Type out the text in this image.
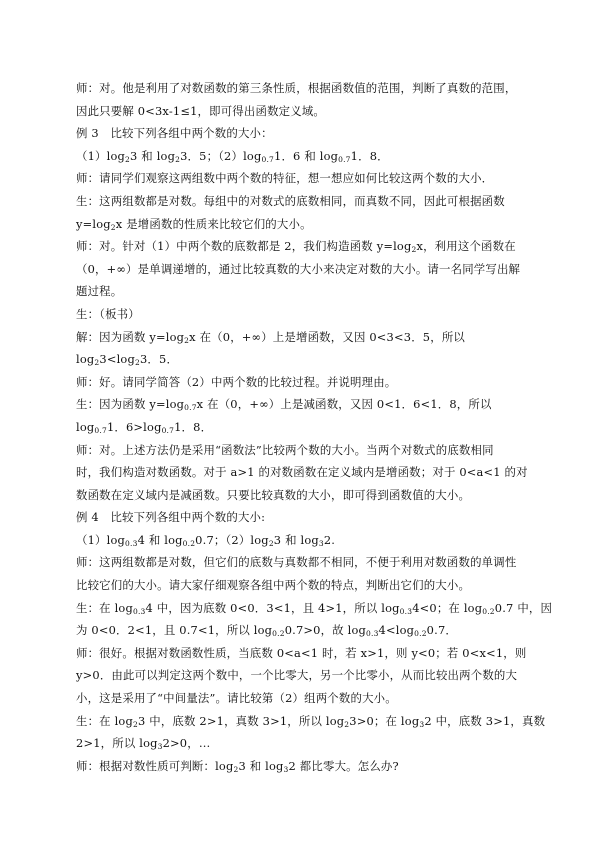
师：对。他是利用了对数函数的第三条性质，根据函数值的范围，判断了真数的范围，
因此只要解 0<3x-1≤1，即可得出函数定义域。
例 3　比较下列各组中两个数的大小：
$(1)\log_23$ 和 $\log_23$．5；$(2)\log_{0.7}1$．6 和 $\log_{0.7}1$．8．
师：请同学们观察这两组数中两个数的特征，想一想应如何比较这两个数的大小．
生：这两组数都是对数。每组中的对数式的底数相同，而真数不同，因此可根据函数
$y=\log_2x$ 是增函数的性质来比较它们的大小。
师：对。针对（1）中两个数的底数都是 2，我们构造函数 $y=\log_2x$，利用这个函数在
（0，+∞）是单调递增的，通过比较真数的大小来决定对数的大小。请一名同学写出解
题过程。
生：（板书）
解：因为函数 $y=\log_2x$ 在（0，+∞）上是增函数，又因 0<3<3．5，所以
$\log_23<\log_23$．5．
师：好。请同学简答（2）中两个数的比较过程。并说明理由。
生：因为函数 $y=\log_{0.7}x$ 在（0，+∞）上是减函数，又因 0<1．6<1．8，所以
$\log_{0.7}1$．$6>\log_{0.7}1$．8．
师：对。上述方法仍是采用“函数法”比较两个数的大小。当两个对数式的底数相同
时，我们构造对数函数。对于 a>1 的对数函数在定义域内是增函数；对于 0<a<1 的对
数函数在定义域内是减函数。只要比较真数的大小，即可得到函数值的大小。
例 4　比较下列各组中两个数的大小:
$(1)\log_{0.3}4$ 和 $\log_{0.2}0.7$；$(2)\log_23$ 和 $\log_32$.
师：这两组数都是对数，但它们的底数与真数都不相同，不便于利用对数函数的单调性
比较它们的大小。请大家仔细观察各组中两个数的特点，判断出它们的大小。
生：在 $\log_{0.3}4$ 中，因为底数 0<0．3<1，且 4>1，所以 $\log_{0.3}4<0$；在 $\log_{0.2}0.7$ 中，因
为 0<0．2<1，且 0.7<1，所以 $\log_{0.2}0.7>0$，故 $\log_{0.3}4<\log_{0.2}0.7$．
师：很好。根据对数函数性质，当底数 0<a<1 时，若 x>1，则 y<0；若 0<x<1，则
y>0．由此可以判定这两个数中，一个比零大，另一个比零小，从而比较出两个数的大
小，这是采用了“中间量法”。请比较第（2）组两个数的大小。
生：在 $\log_23$ 中，底数 2>1，真数 3>1，所以 $\log_23>0$；在 $\log_32$ 中，底数 3>1，真数
2>1，所以 $\log_32>0$，…
师：根据对数性质可判断：$\log_23$ 和 $\log_32$ 都比零大。怎么办?
